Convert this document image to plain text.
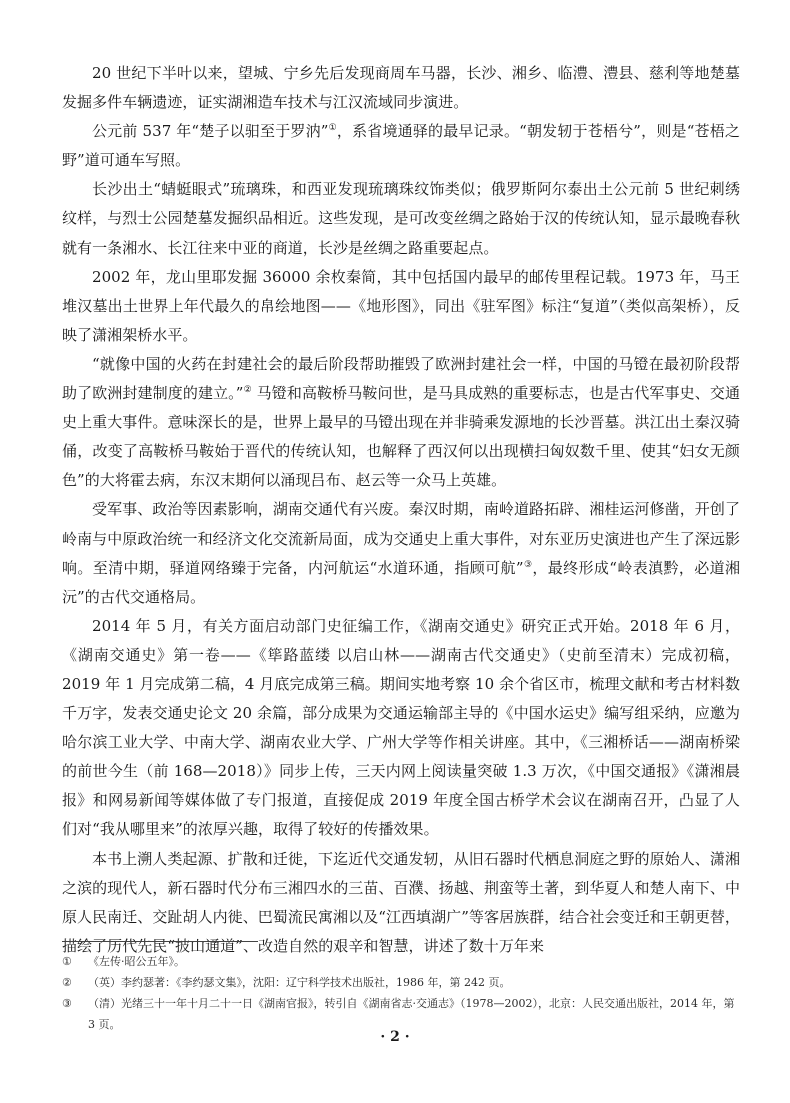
20 世纪下半叶以来，望城、宁乡先后发现商周车马器，长沙、湘乡、临澧、澧县、慈利等地楚墓发掘多件车辆遗迹，证实湖湘造车技术与江汉流域同步演进。

公元前 537 年“楚子以驲至于罗汭”①，系省境通驿的最早记录。“朝发轫于苍梧兮”，则是“苍梧之野”道可通车写照。

长沙出土“蜻蜓眼式”琉璃珠，和西亚发现琉璃珠纹饰类似；俄罗斯阿尔泰出土公元前 5 世纪刺绣纹样，与烈士公园楚墓发掘织品相近。这些发现，是可改变丝绸之路始于汉的传统认知，显示最晚春秋就有一条湘水、长江往来中亚的商道，长沙是丝绸之路重要起点。

2002 年，龙山里耶发掘 36000 余枚秦简，其中包括国内最早的邮传里程记载。1973 年，马王堆汉墓出土世界上年代最久的帛绘地图——《地形图》，同出《驻军图》标注“复道”（类似高架桥），反映了潇湘架桥水平。

“就像中国的火药在封建社会的最后阶段帮助摧毁了欧洲封建社会一样，中国的马镫在最初阶段帮助了欧洲封建制度的建立。”② 马镫和高鞍桥马鞍问世，是马具成熟的重要标志，也是古代军事史、交通史上重大事件。意味深长的是，世界上最早的马镫出现在并非骑乘发源地的长沙晋墓。洪江出土秦汉骑俑，改变了高鞍桥马鞍始于晋代的传统认知，也解释了西汉何以出现横扫匈奴数千里、使其“妇女无颜色”的大将霍去病，东汉末期何以涌现吕布、赵云等一众马上英雄。

受军事、政治等因素影响，湖南交通代有兴废。秦汉时期，南岭道路拓辟、湘桂运河修凿，开创了岭南与中原政治统一和经济文化交流新局面，成为交通史上重大事件，对东亚历史演进也产生了深远影响。至清中期，驿道网络臻于完备，内河航运“水道环通，指顾可航”③，最终形成“岭表滇黔，必道湘沅”的古代交通格局。

2014 年 5 月，有关方面启动部门史征编工作，《湖南交通史》研究正式开始。2018 年 6 月，《湖南交通史》第一卷——《筚路蓝缕 以启山林——湖南古代交通史》（史前至清末）完成初稿，2019 年 1 月完成第二稿，4 月底完成第三稿。期间实地考察 10 余个省区市，梳理文献和考古材料数千万字，发表交通史论文 20 余篇，部分成果为交通运输部主导的《中国水运史》编写组采纳，应邀为哈尔滨工业大学、中南大学、湖南农业大学、广州大学等作相关讲座。其中，《三湘桥话——湖南桥梁的前世今生（前 168—2018）》同步上传，三天内网上阅读量突破 1.3 万次，《中国交通报》《潇湘晨报》和网易新闻等媒体做了专门报道，直接促成 2019 年度全国古桥学术会议在湖南召开，凸显了人们对“我从哪里来”的浓厚兴趣，取得了较好的传播效果。

本书上溯人类起源、扩散和迁徙，下迄近代交通发轫，从旧石器时代栖息洞庭之野的原始人、潇湘之滨的现代人，新石器时代分布三湘四水的三苗、百濮、扬越、荆蛮等土著，到华夏人和楚人南下、中原人民南迁、交趾胡人内徙、巴蜀流民寓湘以及“江西填湖广”等客居族群，结合社会变迁和王朝更替，描绘了历代先民“披山通道”、改造自然的艰辛和智慧，讲述了数十万年来

①	《左传·昭公五年》。
②	（英）李约瑟著：《李约瑟文集》，沈阳：辽宁科学技术出版社，1986 年，第 242 页。
③	（清）光绪三十一年十月二十一日《湖南官报》，转引自《湖南省志·交通志》（1978—2002），北京：人民交通出版社，2014 年，第 3 页。
· 2 ·
